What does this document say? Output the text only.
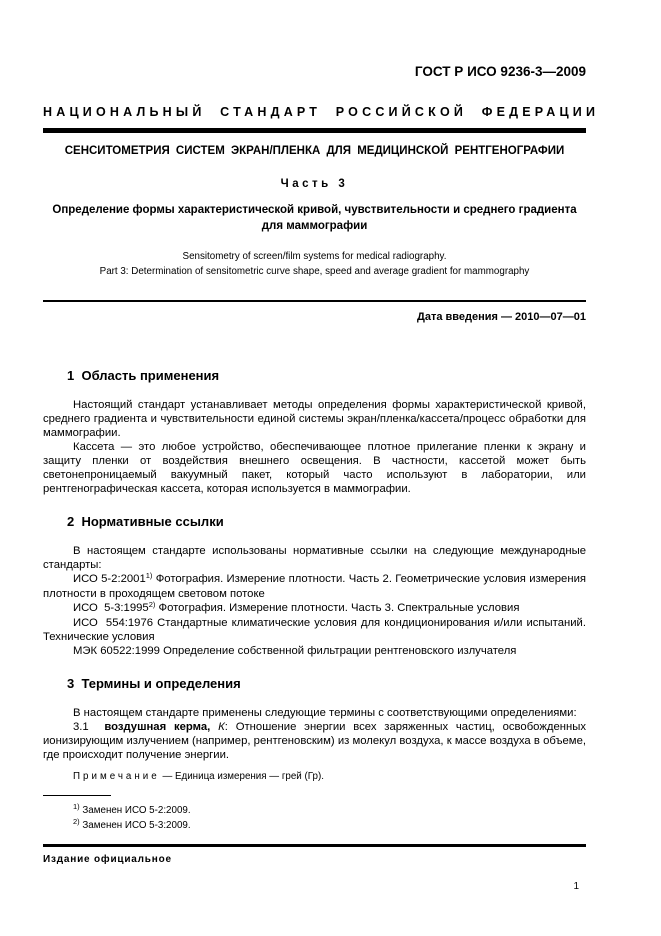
ГОСТ Р ИСО 9236-3—2009
НАЦИОНАЛЬНЫЙ СТАНДАРТ РОССИЙСКОЙ ФЕДЕРАЦИИ
СЕНСИТОМЕТРИЯ СИСТЕМ ЭКРАН/ПЛЕНКА ДЛЯ МЕДИЦИНСКОЙ РЕНТГЕНОГРАФИИ
Часть 3
Определение формы характеристической кривой, чувствительности и среднего градиента
для маммографии
Sensitometry of screen/film systems for medical radiography.
Part 3: Determination of sensitometric curve shape, speed and average gradient for mammography
Дата введения — 2010—07—01
1  Область применения

Настоящий стандарт устанавливает методы определения формы характеристической кривой, среднего градиента и чувствительности единой системы экран/пленка/кассета/процесс обработки для маммографии.

Кассета — это любое устройство, обеспечивающее плотное прилегание пленки к экрану и защиту пленки от воздействия внешнего освещения. В частности, кассетой может быть светонепроницаемый вакуумный пакет, который часто используют в лаборатории, или рентгенографическая кассета, которая используется в маммографии.

2  Нормативные ссылки

В настоящем стандарте использованы нормативные ссылки на следующие международные стандарты:

ИСО 5-2:2001$^{1)}$ Фотография. Измерение плотности. Часть 2. Геометрические условия измерения плотности в проходящем световом потоке

ИСО  5-3:1995$^{2)}$ Фотография. Измерение плотности. Часть 3. Спектральные условия

ИСО  554:1976 Стандартные климатические условия для кондиционирования и/или испытаний. Технические условия

МЭК 60522:1999 Определение собственной фильтрации рентгеновского излучателя

3  Термины и определения

В настоящем стандарте применены следующие термины с соответствующими определениями:

3.1  воздушная керма, К: Отношение энергии всех заряженных частиц, освобожденных ионизирующим излучением (например, рентгеновским) из молекул воздуха, к массе воздуха в объеме, где происходит получение энергии.

Примечание — Единица измерения — грей (Гр).

$^{1)}$ Заменен ИСО 5-2:2009.

$^{2)}$ Заменен ИСО 5-3:2009.

Издание официальное
1
